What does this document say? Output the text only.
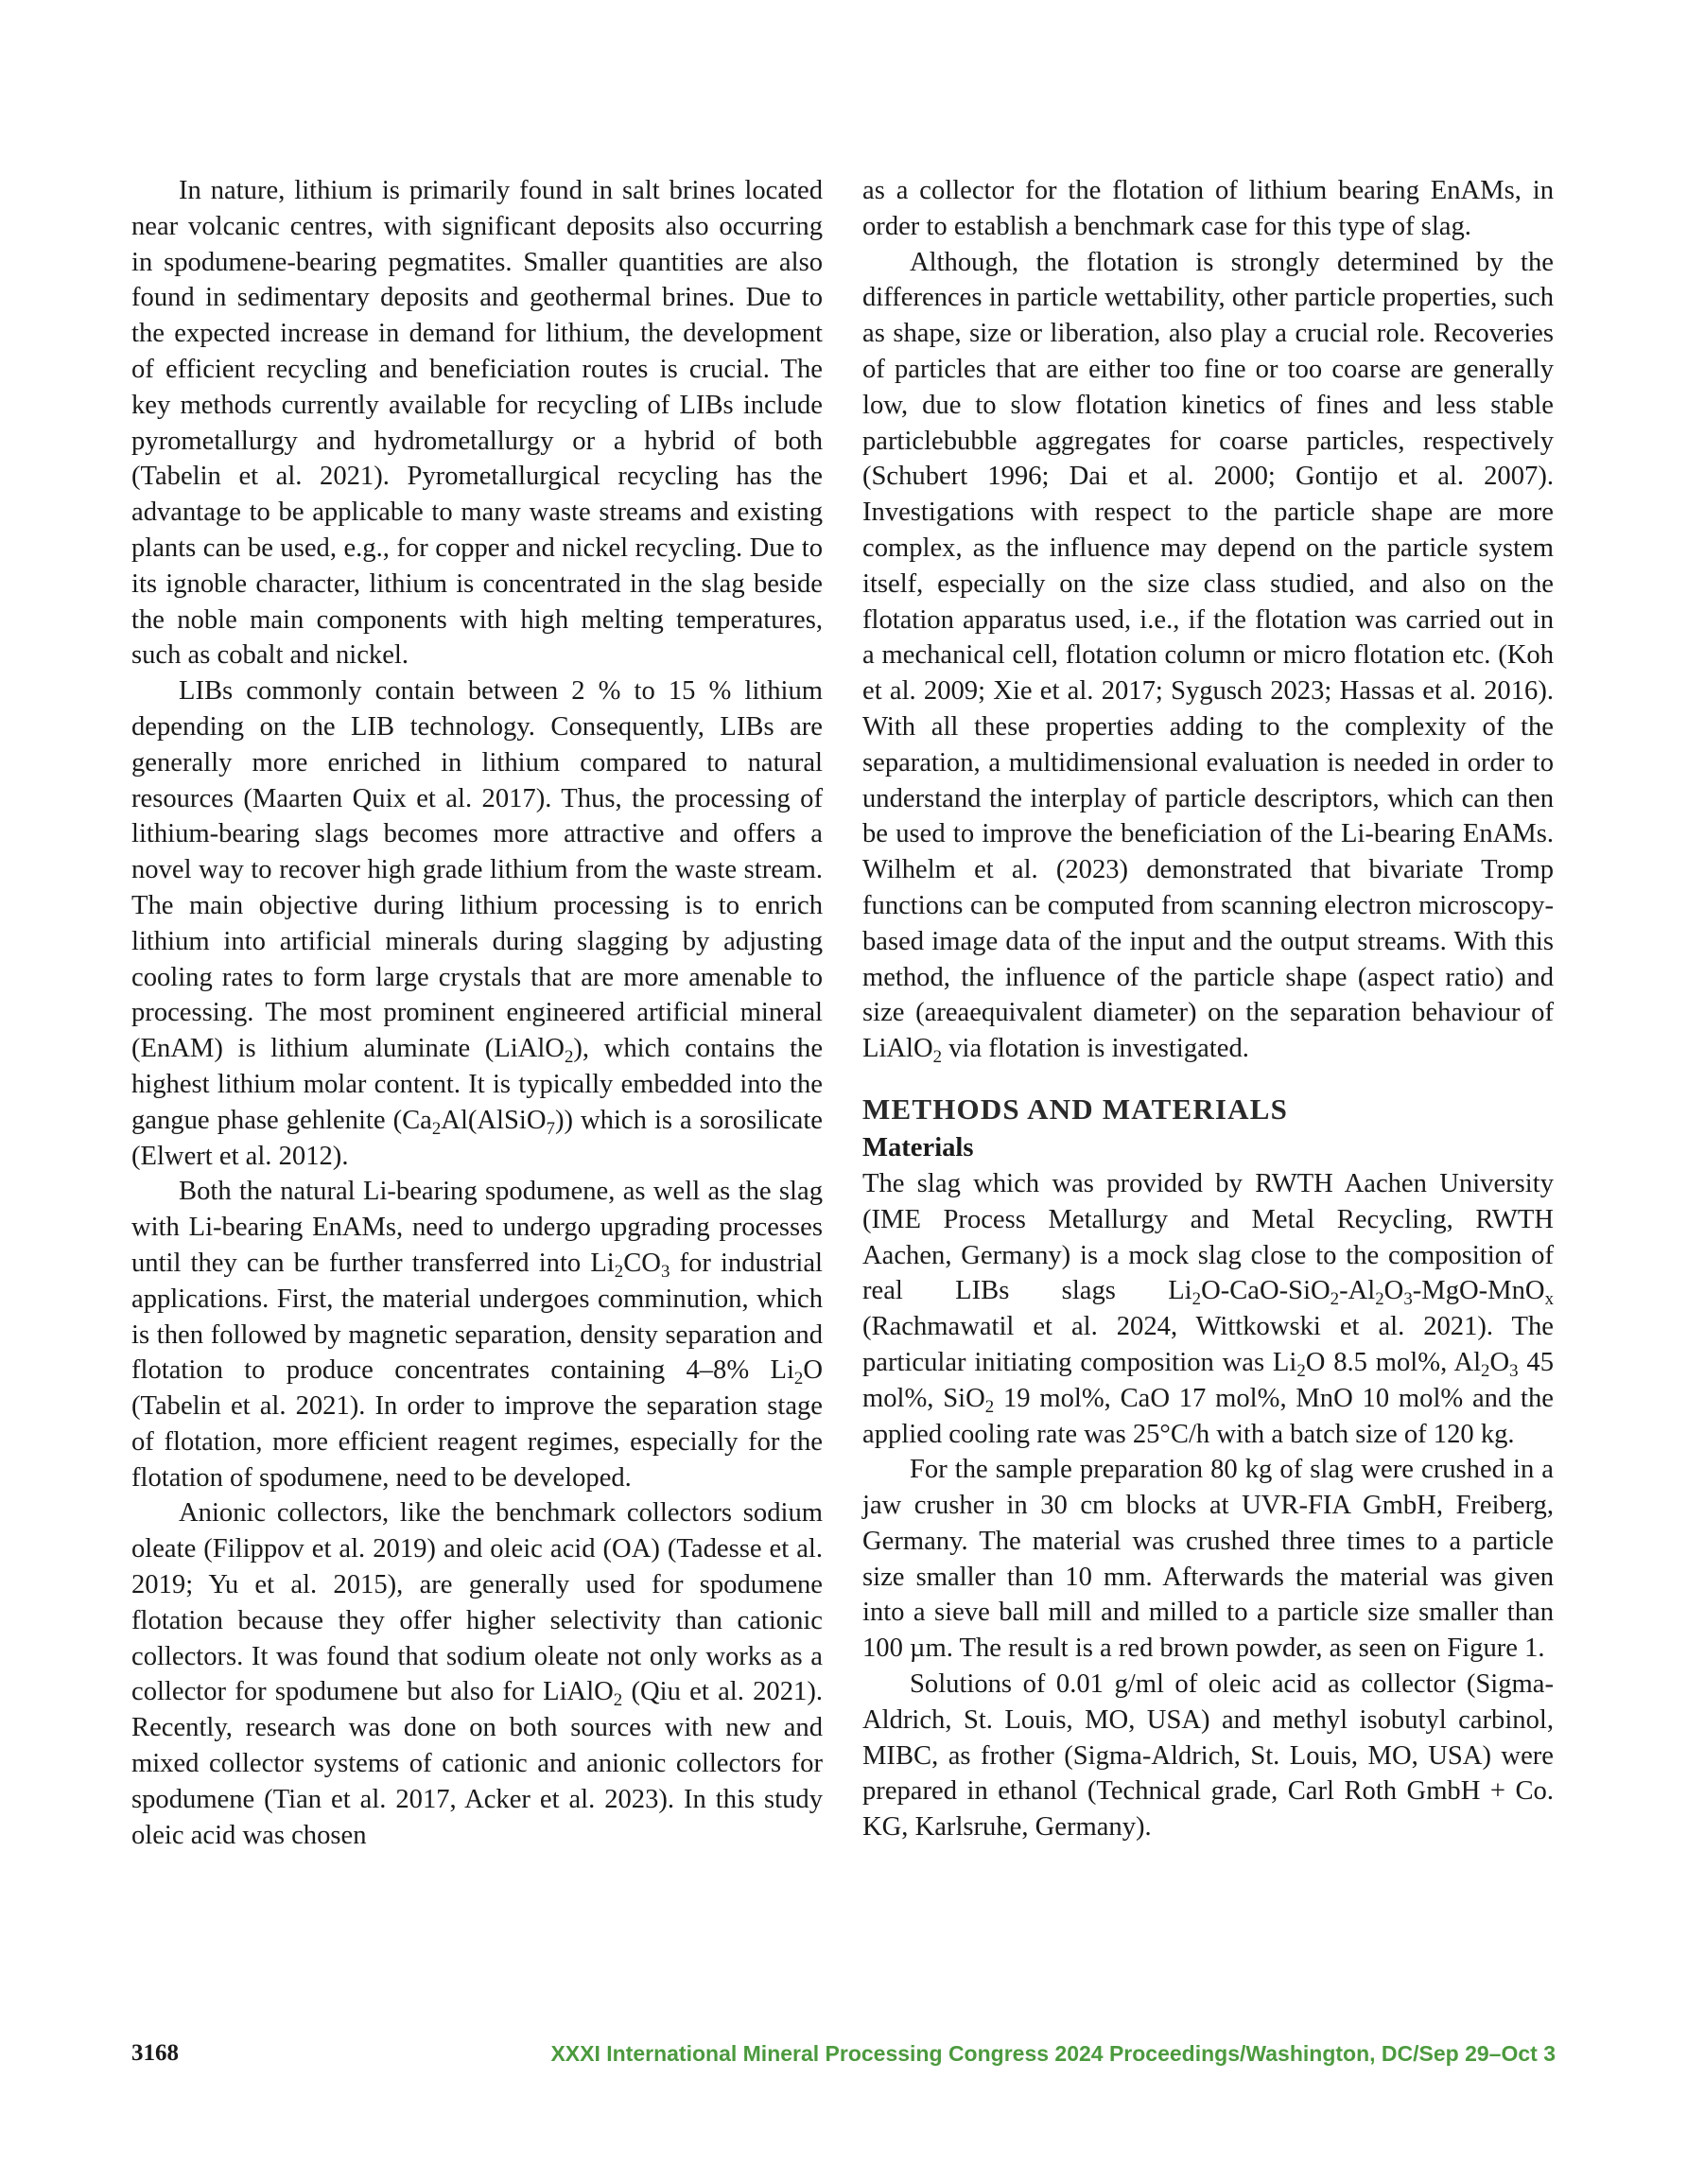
In nature, lithium is primarily found in salt brines located near volcanic centres, with significant deposits also occurring in spodumene-bearing pegmatites. Smaller quantities are also found in sedimentary deposits and geothermal brines. Due to the expected increase in demand for lithium, the development of efficient recycling and beneficiation routes is crucial. The key methods currently available for recycling of LIBs include pyrometallurgy and hydrometallurgy or a hybrid of both (Tabelin et al. 2021). Pyrometallurgical recycling has the advantage to be applicable to many waste streams and existing plants can be used, e.g., for copper and nickel recycling. Due to its ignoble character, lithium is concentrated in the slag beside the noble main components with high melting temperatures, such as cobalt and nickel.

LIBs commonly contain between 2 % to 15 % lithium depending on the LIB technology. Consequently, LIBs are generally more enriched in lithium compared to natural resources (Maarten Quix et al. 2017). Thus, the processing of lithium-bearing slags becomes more attractive and offers a novel way to recover high grade lithium from the waste stream. The main objective during lithium processing is to enrich lithium into artificial minerals during slagging by adjusting cooling rates to form large crystals that are more amenable to processing. The most prominent engineered artificial mineral (EnAM) is lithium aluminate (LiAlO$_2$), which contains the highest lithium molar content. It is typically embedded into the gangue phase gehlenite $(Ca_2Al(AlSiO_7))$ which is a sorosilicate (Elwert et al. 2012).

Both the natural Li-bearing spodumene, as well as the slag with Li-bearing EnAMs, need to undergo upgrading processes until they can be further transferred into $Li_2CO_3$ for industrial applications. First, the material undergoes comminution, which is then followed by magnetic separation, density separation and flotation to produce concentrates containing 4–8% $Li_2O$ (Tabelin et al. 2021). In order to improve the separation stage of flotation, more efficient reagent regimes, especially for the flotation of spodumene, need to be developed.

Anionic collectors, like the benchmark collectors sodium oleate (Filippov et al. 2019) and oleic acid (OA) (Tadesse et al. 2019; Yu et al. 2015), are generally used for spodumene flotation because they offer higher selectivity than cationic collectors. It was found that sodium oleate not only works as a collector for spodumene but also for LiAlO$_2$ (Qiu et al. 2021). Recently, research was done on both sources with new and mixed collector systems of cationic and anionic collectors for spodumene (Tian et al. 2017, Acker et al. 2023). In this study oleic acid was chosen

as a collector for the flotation of lithium bearing EnAMs, in order to establish a benchmark case for this type of slag.

Although, the flotation is strongly determined by the differences in particle wettability, other particle properties, such as shape, size or liberation, also play a crucial role. Recoveries of particles that are either too fine or too coarse are generally low, due to slow flotation kinetics of fines and less stable particlebubble aggregates for coarse particles, respectively (Schubert 1996; Dai et al. 2000; Gontijo et al. 2007). Investigations with respect to the particle shape are more complex, as the influence may depend on the particle system itself, especially on the size class studied, and also on the flotation apparatus used, i.e., if the flotation was carried out in a mechanical cell, flotation column or micro flotation etc. (Koh et al. 2009; Xie et al. 2017; Sygusch 2023; Hassas et al. 2016). With all these properties adding to the complexity of the separation, a multidimensional evaluation is needed in order to understand the interplay of particle descriptors, which can then be used to improve the beneficiation of the Li-bearing EnAMs. Wilhelm et al. (2023) demonstrated that bivariate Tromp functions can be computed from scanning electron microscopy-based image data of the input and the output streams. With this method, the influence of the particle shape (aspect ratio) and size (areaequivalent diameter) on the separation behaviour of LiAlO$_2$ via flotation is investigated.

METHODS AND MATERIALS
Materials

The slag which was provided by RWTH Aachen University (IME Process Metallurgy and Metal Recycling, RWTH Aachen, Germany) is a mock slag close to the composition of real LIBs slags $Li_2O-CaO-SiO_2-Al_2O_3-MgO-MnO_x$ (Rachmawatil et al. 2024, Wittkowski et al. 2021). The particular initiating composition was $Li_2O$ 8.5 mol%, $Al_2O_3$ 45 mol%, SiO$_2$ 19 mol%, CaO 17 mol%, MnO 10 mol% and the applied cooling rate was 25°C/h with a batch size of 120 kg.

For the sample preparation 80 kg of slag were crushed in a jaw crusher in 30 cm blocks at UVR-FIA GmbH, Freiberg, Germany. The material was crushed three times to a particle size smaller than 10 mm. Afterwards the material was given into a sieve ball mill and milled to a particle size smaller than 100 µm. The result is a red brown powder, as seen on Figure 1.

Solutions of 0.01 g/ml of oleic acid as collector (Sigma-Aldrich, St. Louis, MO, USA) and methyl isobutyl carbinol, MIBC, as frother (Sigma-Aldrich, St. Louis, MO, USA) were prepared in ethanol (Technical grade, Carl Roth GmbH + Co. KG, Karlsruhe, Germany).

3168	XXXI International Mineral Processing Congress 2024 Proceedings/Washington, DC/Sep 29–Oct 3
